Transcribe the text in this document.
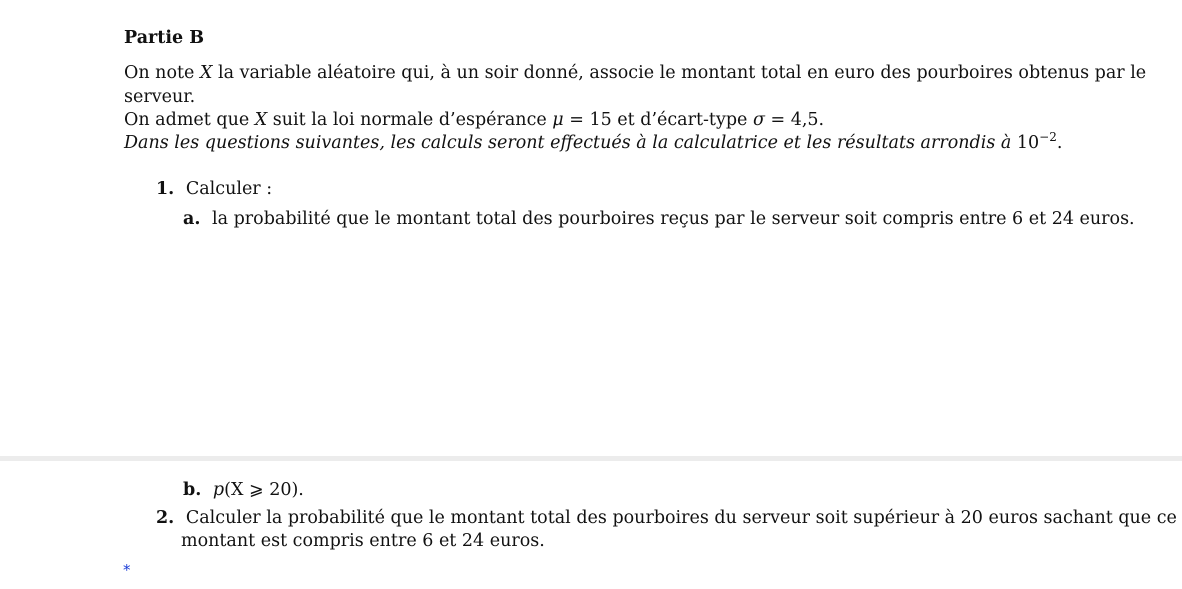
Partie B
On note X la variable aléatoire qui, à un soir donné, associe le montant total en euro des pourboires obtenus par le
serveur.
On admet que X suit la loi normale d’espérance μ = 15 et d’écart-type σ = 4,5.
Dans les questions suivantes, les calculs seront effectués à la calculatrice et les résultats arrondis à $10^{-2}$.
1. Calculer :
a. la probabilité que le montant total des pourboires reçus par le serveur soit compris entre 6 et 24 euros.
b. p(X ⩾ 20).
2. Calculer la probabilité que le montant total des pourboires du serveur soit supérieur à 20 euros sachant que ce
montant est compris entre 6 et 24 euros.
*
